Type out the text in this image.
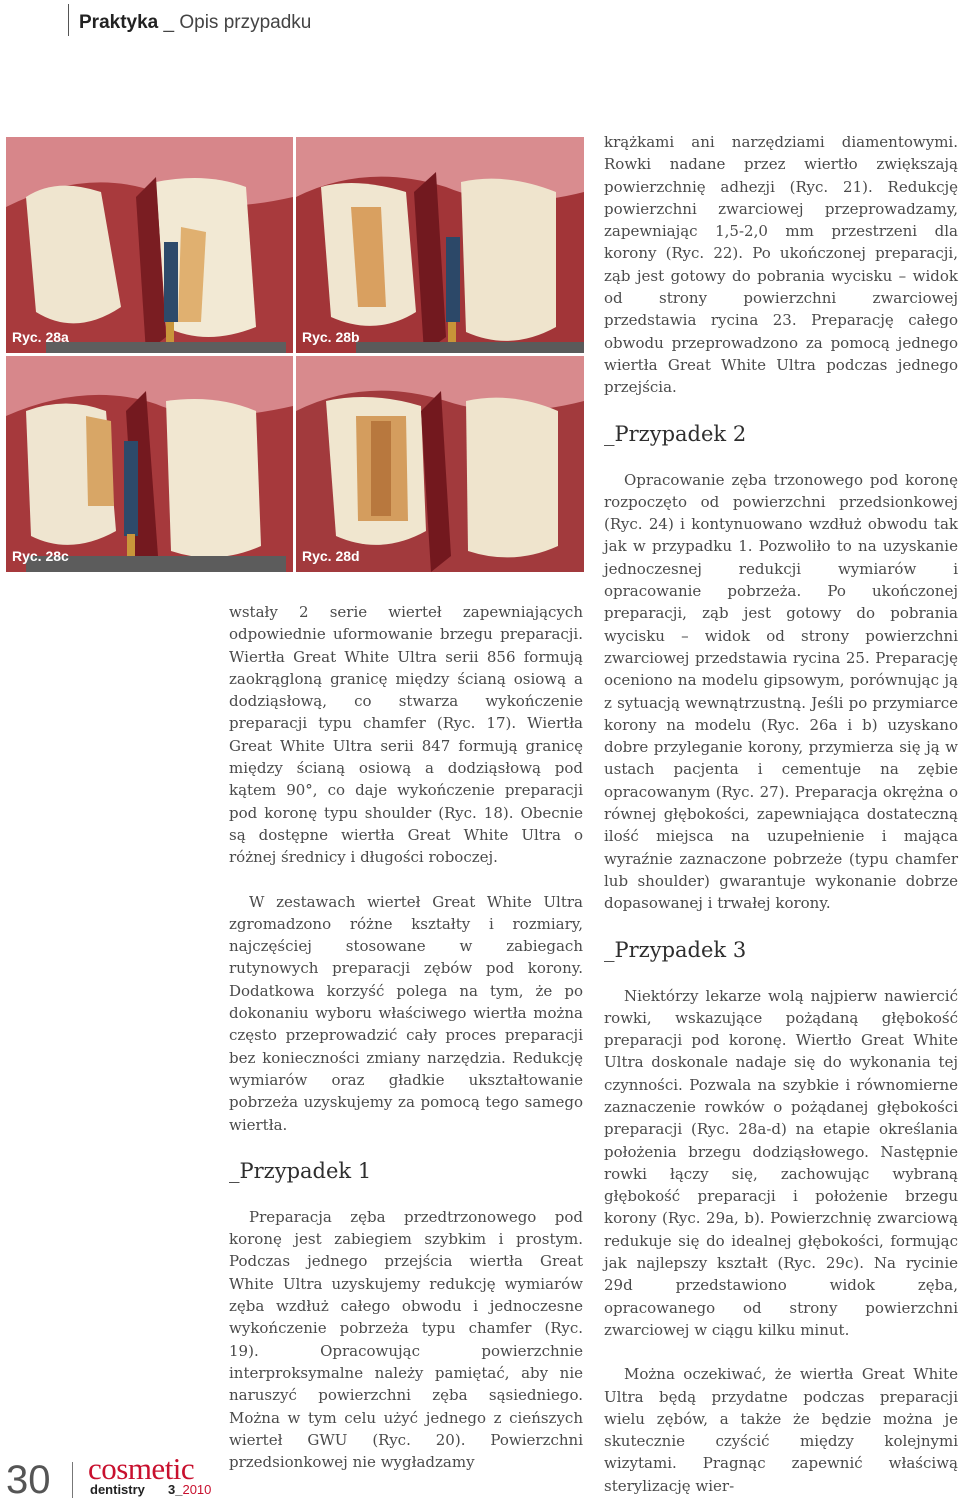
Praktyka _ Opis przypadku
Ryc. 28a	Ryc. 28b
Ryc. 28c	Ryc. 28d

krążkami ani narzędziami diamentowymi. Rowki nadane przez wiertło zwiększają powierzchnię adhezji (Ryc. 21). Redukcję powierzchni zwarciowej przeprowadzamy, zapewniając 1,5-2,0 mm przestrzeni dla korony (Ryc. 22). Po ukończonej preparacji, ząb jest gotowy do pobrania wycisku – widok od strony powierzchni zwarciowej przedstawia rycina 23. Preparację całego obwodu przeprowadzono za pomocą jednego wiertła Great White Ultra podczas jednego przejścia.

_Przypadek 2

Opracowanie zęba trzonowego pod koronę rozpoczęto od powierzchni przedsionkowej (Ryc. 24) i kontynuowano wzdłuż obwodu tak jak w przypadku 1. Pozwoliło to na uzyskanie jednoczesnej redukcji wymiarów i opracowanie pobrzeża. Po ukończonej preparacji, ząb jest gotowy do pobrania wycisku – widok od strony powierzchni zwarciowej przedstawia rycina 25. Preparację oceniono na modelu gipsowym, porównując ją z sytuacją wewnątrzustną. Jeśli po przymiarce korony na modelu (Ryc. 26a i b) uzyskano dobre przyleganie korony, przymierza się ją w ustach pacjenta i cementuje na zębie opracowanym (Ryc. 27). Preparacja okrężna o równej głębokości, zapewniająca dostateczną ilość miejsca na uzupełnienie i mająca wyraźnie zaznaczone pobrzeże (typu chamfer lub shoulder) gwarantuje wykonanie dobrze dopasowanej i trwałej korony.

_Przypadek 3

Niektórzy lekarze wolą najpierw nawiercić rowki, wskazujące pożądaną głębokość preparacji pod koronę. Wiertło Great White Ultra doskonale nadaje się do wykonania tej czynności. Pozwala na szybkie i równomierne zaznaczenie rowków o pożądanej głębokości preparacji (Ryc. 28a-d) na etapie określania położenia brzegu dodziąsłowego. Następnie rowki łączy się, zachowując wybraną głębokość preparacji i położenie brzegu korony (Ryc. 29a, b). Powierzchnię zwarciową redukuje się do idealnej głębokości, formując jak najlepszy kształt (Ryc. 29c). Na rycinie 29d przedstawiono widok zęba, opracowanego od strony powierzchni zwarciowej w ciągu kilku minut.

Można oczekiwać, że wiertła Great White Ultra będą przydatne podczas preparacji wielu zębów, a także że będzie można je skutecznie czyścić między kolejnymi wizytami. Pragnąc zapewnić właściwą sterylizację wier-

wstały 2 serie wierteł zapewniających odpowiednie uformowanie brzegu preparacji. Wiertła Great White Ultra serii 856 formują zaokrągloną granicę między ścianą osiową a dodziąsłową, co stwarza wykończenie preparacji typu chamfer (Ryc. 17). Wiertła Great White Ultra serii 847 formują granicę między ścianą osiową a dodziąsłową pod kątem 90°, co daje wykończenie preparacji pod koronę typu shoulder (Ryc. 18). Obecnie są dostępne wiertła Great White Ultra o różnej średnicy i długości roboczej.

W zestawach wierteł Great White Ultra zgromadzono różne kształty i rozmiary, najczęściej stosowane w zabiegach rutynowych preparacji zębów pod korony. Dodatkowa korzyść polega na tym, że po dokonaniu wyboru właściwego wiertła można często przeprowadzić cały proces preparacji bez konieczności zmiany narzędzia. Redukcję wymiarów oraz gładkie ukształtowanie pobrzeża uzyskujemy za pomocą tego samego wiertła.

_Przypadek 1

Preparacja zęba przedtrzonowego pod koronę jest zabiegiem szybkim i prostym. Podczas jednego przejścia wiertła Great White Ultra uzyskujemy redukcję wymiarów zęba wzdłuż całego obwodu i jednoczesne wykończenie pobrzeża typu chamfer (Ryc. 19). Opracowując powierzchnie interproksymalne należy pamiętać, aby nie naruszyć powierzchni zęba sąsiedniego. Można w tym celu użyć jednego z cieńszych wierteł GWU (Ryc. 20). Powierzchni przedsionkowej nie wygładzamy

30 cosmetic
dentistry 3_2010
